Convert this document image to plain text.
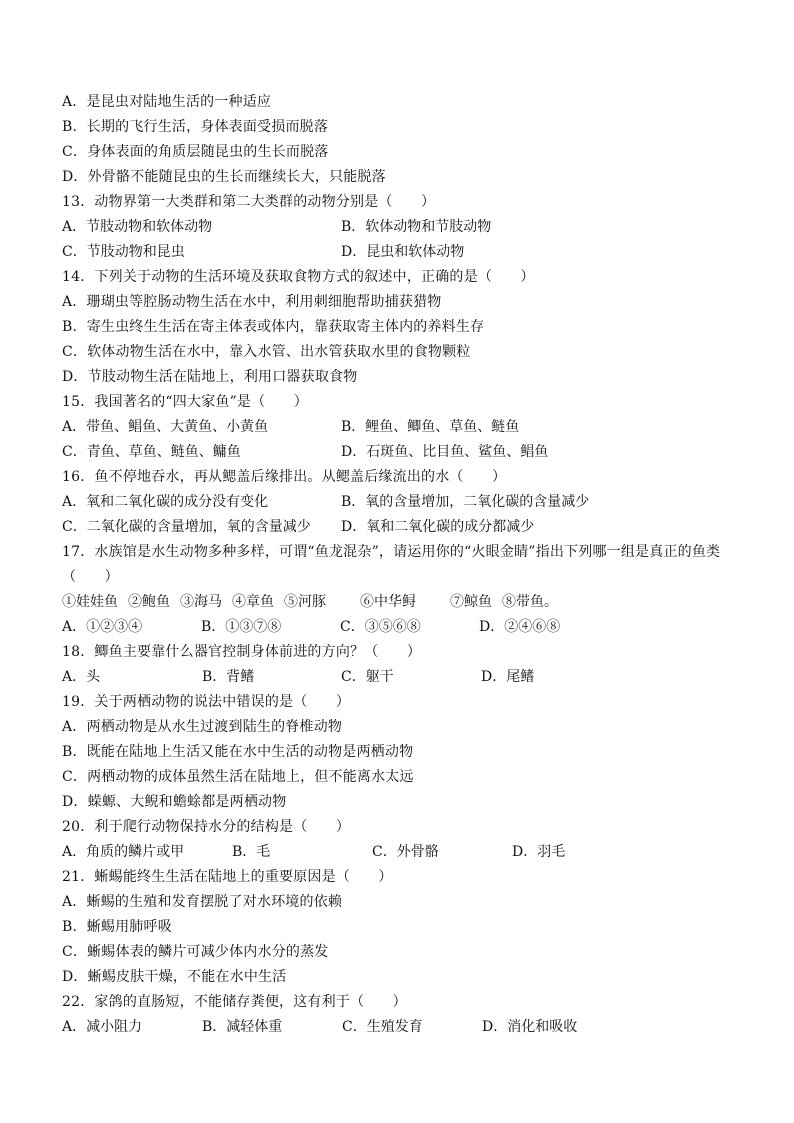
A．是昆虫对陆地生活的一种适应
B．长期的飞行生活，身体表面受损而脱落
C．身体表面的角质层随昆虫的生长而脱落
D．外骨骼不能随昆虫的生长而继续长大，只能脱落
13．动物界第一大类群和第二大类群的动物分别是（　　）
A．节肢动物和软体动物	B．软体动物和节肢动物
C．节肢动物和昆虫	D．昆虫和软体动物
14．下列关于动物的生活环境及获取食物方式的叙述中，正确的是（　　）
A．珊瑚虫等腔肠动物生活在水中，利用刺细胞帮助捕获猎物
B．寄生虫终生生活在寄主体表或体内，靠获取寄主体内的养料生存
C．软体动物生活在水中，靠入水管、出水管获取水里的食物颗粒
D．节肢动物生活在陆地上，利用口器获取食物
15．我国著名的“四大家鱼”是（　　）
A．带鱼、鲳鱼、大黄鱼、小黄鱼	B．鲤鱼、鲫鱼、草鱼、鲢鱼
C．青鱼、草鱼、鲢鱼、鳙鱼	D．石斑鱼、比目鱼、鲨鱼、鲳鱼
16．鱼不停地吞水，再从鳃盖后缘排出。从鳃盖后缘流出的水（　　）
A．氧和二氧化碳的成分没有变化	B．氧的含量增加，二氧化碳的含量减少
C．二氧化碳的含量增加，氧的含量减少	D．氧和二氧化碳的成分都减少
17．水族馆是水生动物多种多样，可谓“鱼龙混杂”，请运用你的“火眼金睛”指出下列哪一组是真正的鱼类
（　　）
①娃娃鱼 ②鲍鱼 ③海马 ④章鱼 ⑤河豚 ⑥中华鲟 ⑦鲸鱼 ⑧带鱼。
A．①②③④	B．①③⑦⑧	C．③⑤⑥⑧	D．②④⑥⑧
18．鲫鱼主要靠什么器官控制身体前进的方向？（　　）
A．头	B．背鳍	C．躯干	D．尾鳍
19．关于两栖动物的说法中错误的是（　　）
A．两栖动物是从水生过渡到陆生的脊椎动物
B．既能在陆地上生活又能在水中生活的动物是两栖动物
C．两栖动物的成体虽然生活在陆地上，但不能离水太远
D．蝾螈、大鲵和蟾蜍都是两栖动物
20．利于爬行动物保持水分的结构是（　　）
A．角质的鳞片或甲	B．毛	C．外骨骼	D．羽毛
21．蜥蜴能终生生活在陆地上的重要原因是（　　）
A．蜥蜴的生殖和发育摆脱了对水环境的依赖
B．蜥蜴用肺呼吸
C．蜥蜴体表的鳞片可减少体内水分的蒸发
D．蜥蜴皮肤干燥，不能在水中生活
22．家鸽的直肠短，不能储存粪便，这有利于（　　）
A．减小阻力	B．减轻体重	C．生殖发育	D．消化和吸收
